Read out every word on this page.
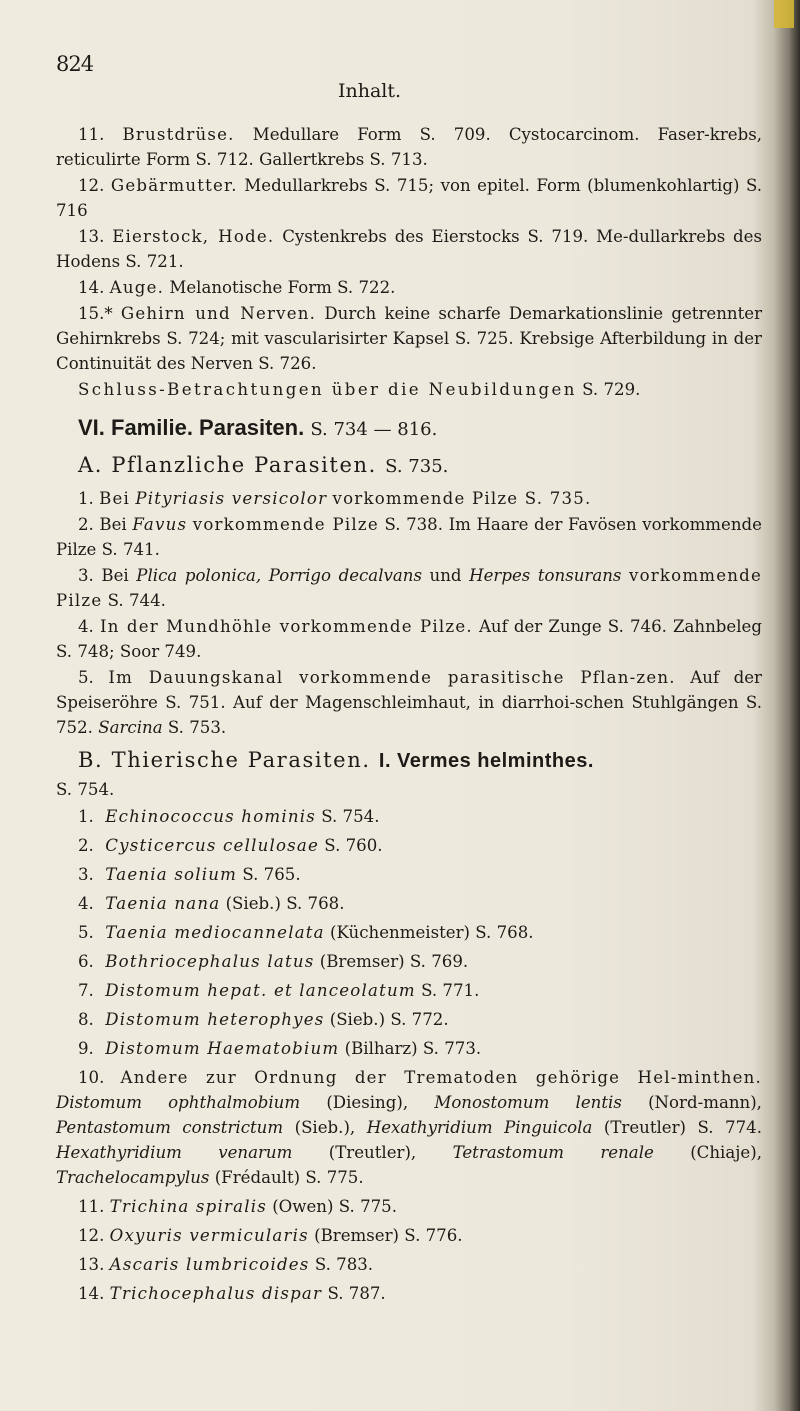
824
Inhalt.

11. Brustdrüse. Medullare Form S. 709. Cystocarcinom. Faser-krebs, reticulirte Form S. 712. Gallertkrebs S. 713.

12. Gebärmutter. Medullarkrebs S. 715; von epitel. Form (blumenkohlartig) S. 716

13. Eierstock, Hode. Cystenkrebs des Eierstocks S. 719. Me-dullarkrebs des Hodens S. 721.

14. Auge. Melanotische Form S. 722.

15.* Gehirn und Nerven. Durch keine scharfe Demarkationslinie getrennter Gehirnkrebs S. 724; mit vascularisirter Kapsel S. 725. Krebsige Afterbildung in der Continuität des Nerven S. 726.

Schluss-Betrachtungen über die Neubildungen S. 729.

VI. Familie. Parasiten. S. 734 — 816.
A. Pflanzliche Parasiten. S. 735.

1. Bei Pityriasis versicolor vorkommende Pilze S. 735.

2. Bei Favus vorkommende Pilze S. 738. Im Haare der Favösen vorkommende Pilze S. 741.

3. Bei Plica polonica, Porrigo decalvans und Herpes tonsurans vorkommende Pilze S. 744.

4. In der Mundhöhle vorkommende Pilze. Auf der Zunge S. 746. Zahnbeleg S. 748; Soor 749.

5. Im Dauungskanal vorkommende parasitische Pflan-zen. Auf der Speiseröhre S. 751. Auf der Magenschleimhaut, in diarrhoi-schen Stuhlgängen S. 752. Sarcina S. 753.

B. Thierische Parasiten. I. Vermes helminthes.
S. 754.
1. Echinococcus hominis S. 754.
2. Cysticercus cellulosae S. 760.
3. Taenia solium S. 765.
4. Taenia nana (Sieb.) S. 768.
5. Taenia mediocannelata (Küchenmeister) S. 768.
6. Bothriocephalus latus (Bremser) S. 769.
7. Distomum hepat. et lanceolatum S. 771.
8. Distomum heterophyes (Sieb.) S. 772.
9. Distomum Haematobium (Bilharz) S. 773.

10. Andere zur Ordnung der Trematoden gehörige Hel-minthen. Distomum ophthalmobium (Diesing), Monostomum lentis (Nord-mann), Pentastomum constrictum (Sieb.), Hexathyridium Pinguicola (Treutler) S. 774. Hexathyridium venarum (Treutler), Tetrastomum renale (Chiaje), Trachelocampylus (Frédault) S. 775.

11. Trichina spiralis (Owen) S. 775.
12. Oxyuris vermicularis (Bremser) S. 776.
13. Ascaris lumbricoides S. 783.
14. Trichocephalus dispar S. 787.
